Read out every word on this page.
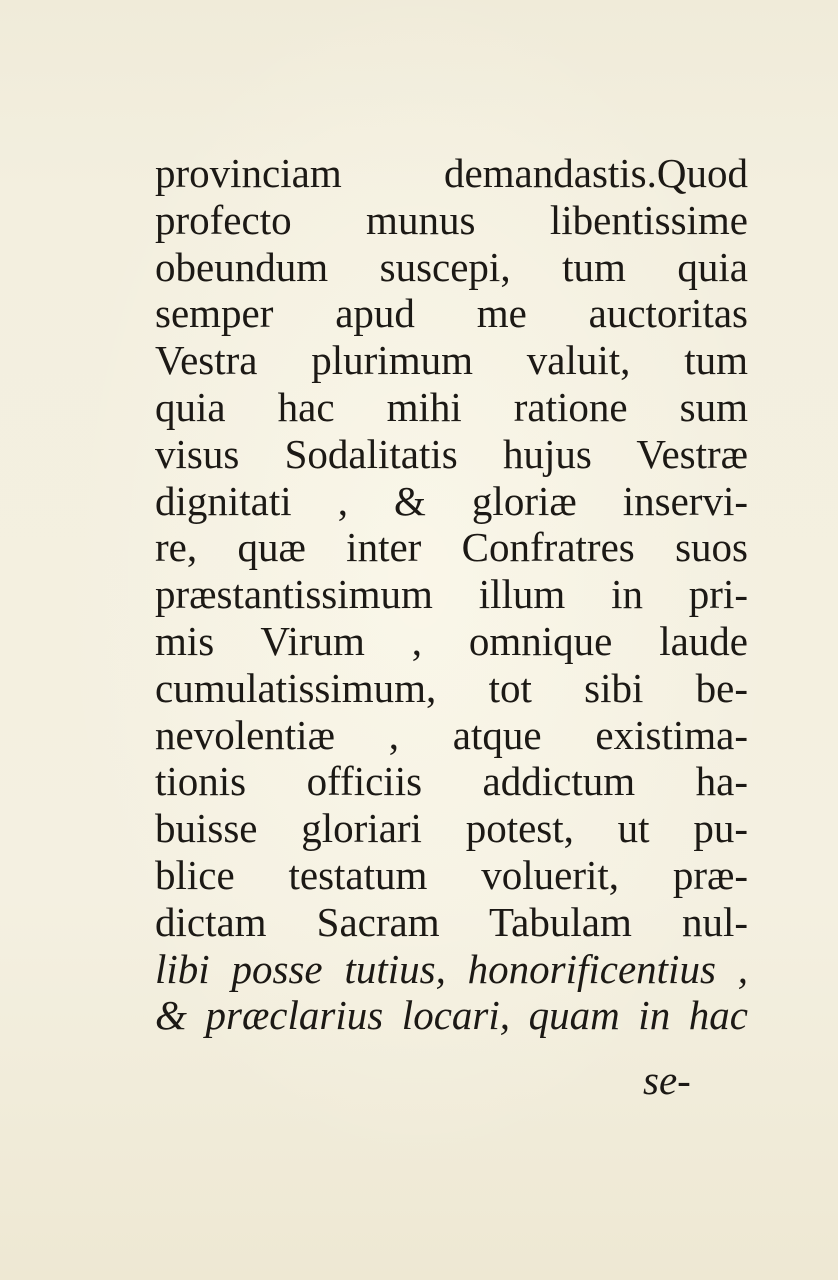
provinciam demandastis.Quod
profecto munus libentissime
obeundum suscepi, tum quia
semper apud me auctoritas
Vestra plurimum valuit, tum
quia hac mihi ratione sum
visus Sodalitatis hujus Vestræ
dignitati , & gloriæ inservi-
re, quæ inter Confratres suos
præstantissimum illum in pri-
mis Virum , omnique laude
cumulatissimum, tot sibi be-
nevolentiæ , atque existima-
tionis officiis addictum ha-
buisse gloriari potest, ut pu-
blice testatum voluerit, præ-
dictam Sacram Tabulam nul-
libi posse tutius, honorificentius ,
& præclarius locari, quam in hac
se-
